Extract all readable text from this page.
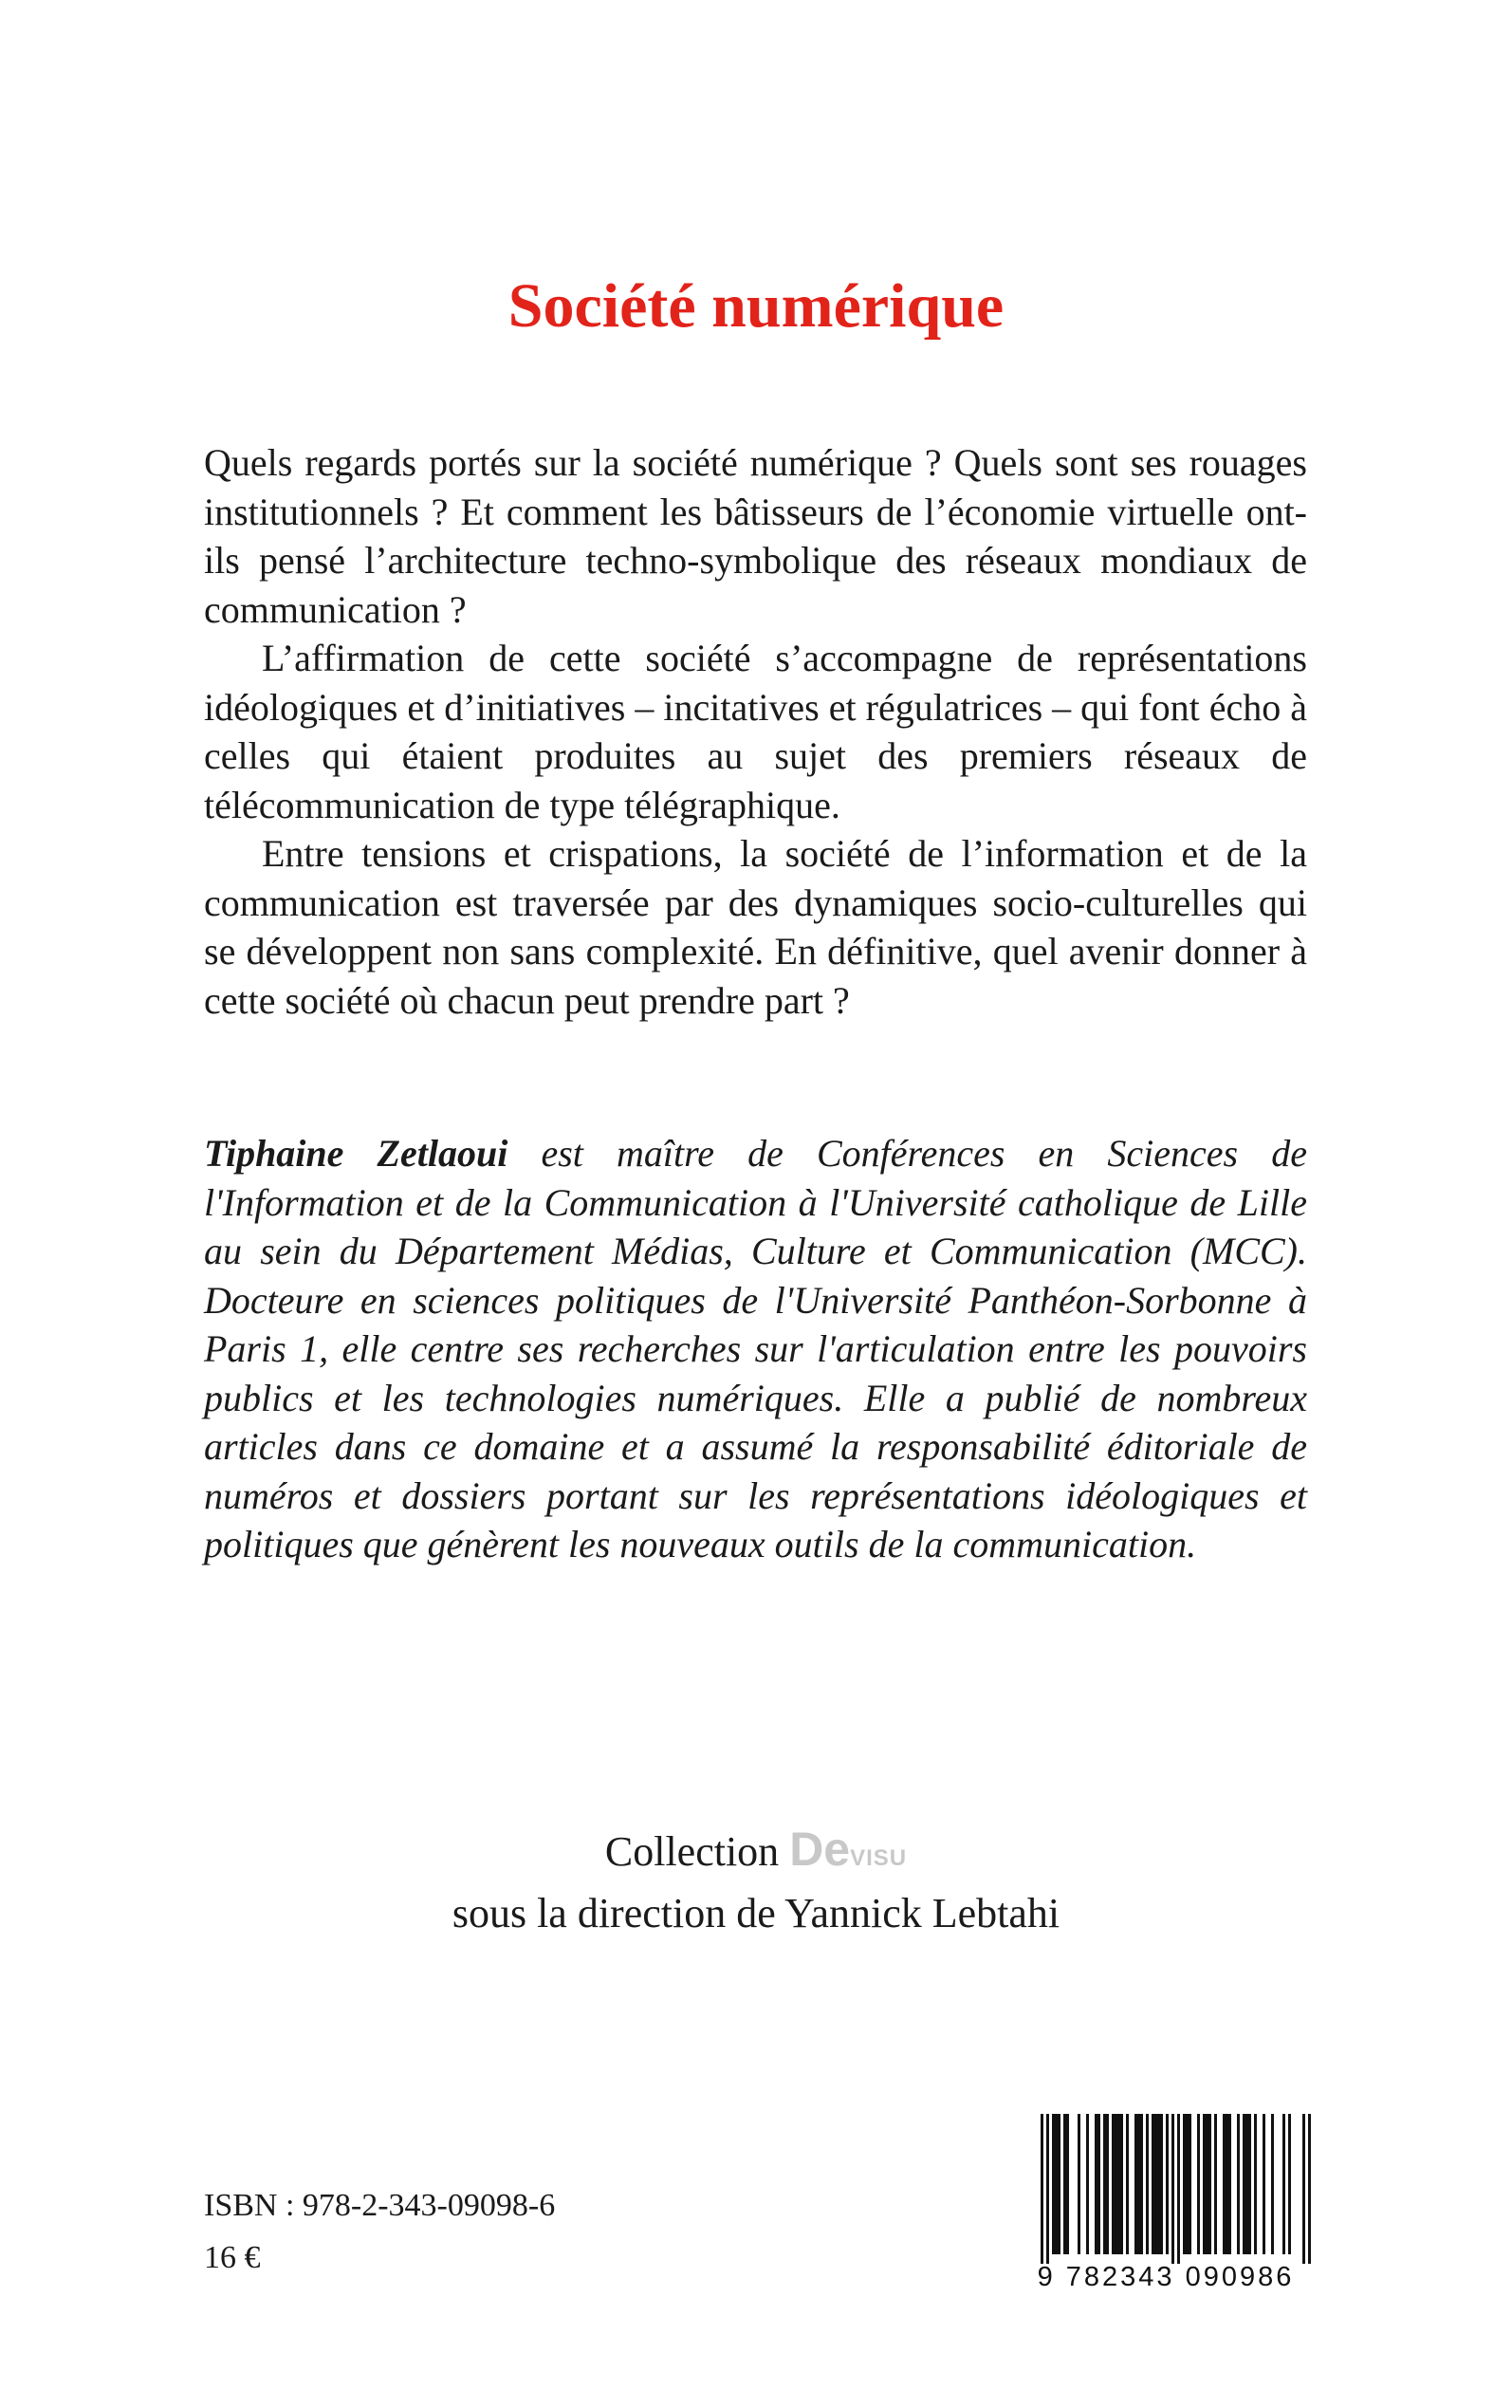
Société numérique

Quels regards portés sur la société numérique ? Quels sont ses rouages institutionnels ? Et comment les bâtisseurs de l’économie virtuelle ont-ils pensé l’architecture techno-symbolique des réseaux mondiaux de communication ?

L’affirmation de cette société s’accompagne de représentations idéologiques et d’initiatives – incitatives et régulatrices – qui font écho à celles qui étaient produites au sujet des premiers réseaux de télécommunication de type télégraphique.

Entre tensions et crispations, la société de l’information et de la communication est traversée par des dynamiques socio-culturelles qui se développent non sans complexité. En définitive, quel avenir donner à cette société où chacun peut prendre part ?

Tiphaine Zetlaoui est maître de Conférences en Sciences de l'Information et de la Communication à l'Université catholique de Lille au sein du Département Médias, Culture et Communication (MCC). Docteure en sciences politiques de l'Université Panthéon-Sorbonne à Paris 1, elle centre ses recherches sur l'articulation entre les pouvoirs publics et les technologies numériques. Elle a publié de nombreux articles dans ce domaine et a assumé la responsabilité éditoriale de numéros et dossiers portant sur les représentations idéologiques et politiques que génèrent les nouveaux outils de la communication.

Collection DeVISU
sous la direction de Yannick Lebtahi
ISBN : 978-2-343-09098-6
16 €
9 782343 090986
